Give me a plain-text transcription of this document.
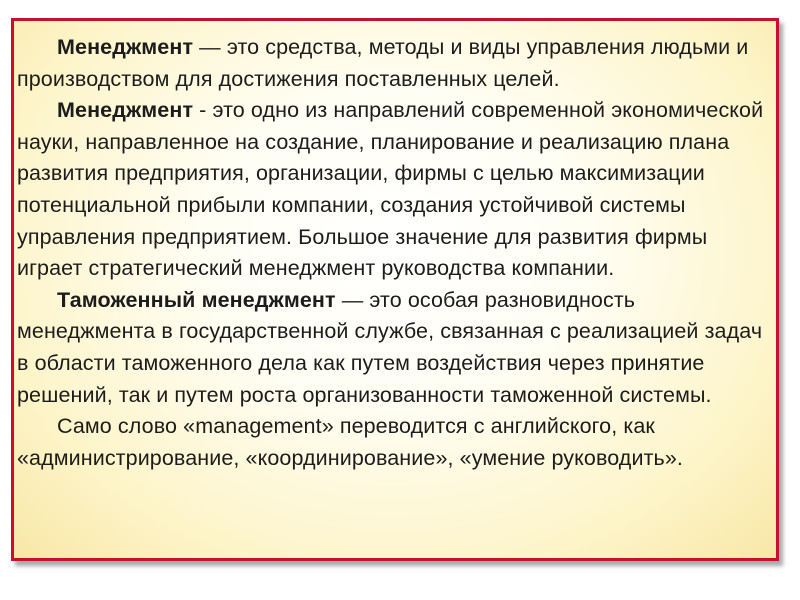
Менеджмент — это средства, методы и виды управления людьми и производством для достижения поставленных целей.

Менеджмент - это одно из направлений современной экономической науки, направленное на создание, планирование и реализацию плана развития предприятия, организации, фирмы с целью максимизации потенциальной прибыли компании, создания устойчивой системы управления предприятием. Большое значение для развития фирмы играет стратегический менеджмент руководства компании.

Таможенный менеджмент — это особая разновидность менеджмента в государственной службе, связанная с реализацией задач в области таможенного дела как путем воздействия через принятие решений, так и путем роста организованности таможенной системы.

Само слово «management» переводится с английского, как «администрирование, «координирование», «умение руководить».
